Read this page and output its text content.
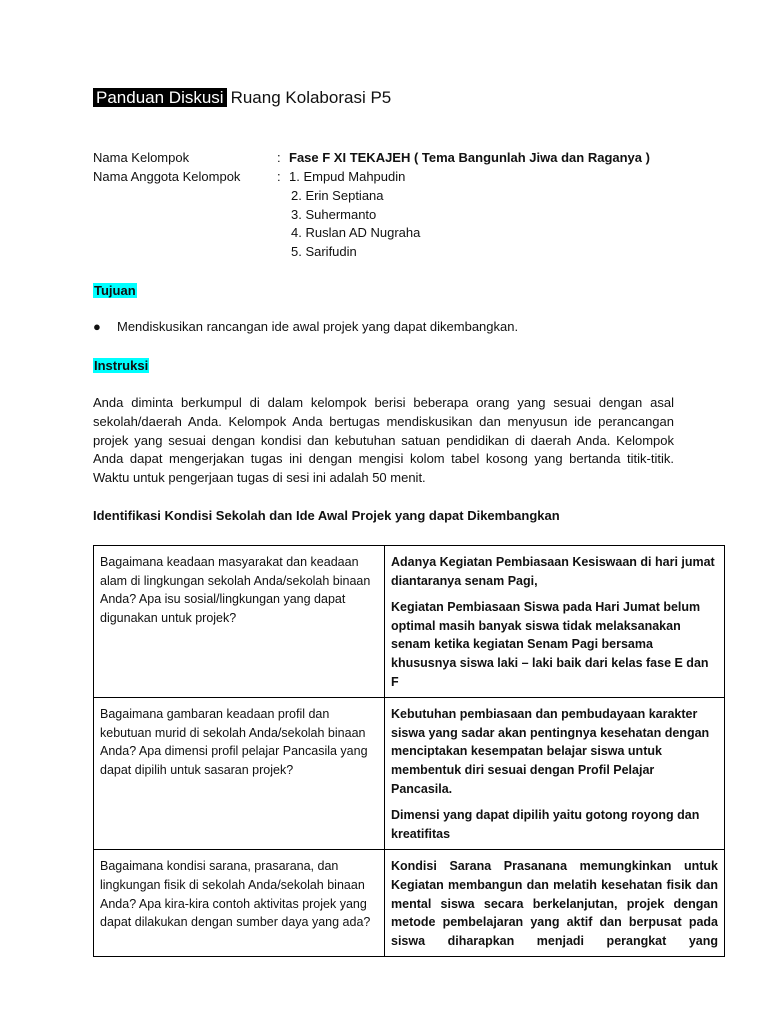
Panduan Diskusi Ruang Kolaborasi P5
Nama Kelompok	: Fase F XI TEKAJEH ( Tema Bangunlah Jiwa dan Raganya )
Nama Anggota Kelompok	: 1. Empud Mahpudin
2. Erin Septiana
3. Suhermanto
4. Ruslan AD Nugraha
5. Sarifudin
Tujuan
● Mendiskusikan rancangan ide awal projek yang dapat dikembangkan.
Instruksi
Anda diminta berkumpul di dalam kelompok berisi beberapa orang yang sesuai dengan asal sekolah/daerah Anda. Kelompok Anda bertugas mendiskusikan dan menyusun ide perancangan projek yang sesuai dengan kondisi dan kebutuhan satuan pendidikan di daerah Anda. Kelompok Anda dapat mengerjakan tugas ini dengan mengisi kolom tabel kosong yang bertanda titik-titik. Waktu untuk pengerjaan tugas di sesi ini adalah 50 menit.
Identifikasi Kondisi Sekolah dan Ide Awal Projek yang dapat Dikembangkan
Bagaimana keadaan masyarakat dan keadaan alam di lingkungan sekolah Anda/sekolah binaan Anda? Apa isu sosial/lingkungan yang dapat digunakan untuk projek?	Adanya Kegiatan Pembiasaan Kesiswaan di hari jumat diantaranya senam Pagi,

Kegiatan Pembiasaan Siswa pada Hari Jumat belum optimal masih banyak siswa tidak melaksanakan senam ketika kegiatan Senam Pagi bersama khususnya siswa laki – laki baik dari kelas fase E dan F

Bagaimana gambaran keadaan profil dan kebutuan murid di sekolah Anda/sekolah binaan Anda? Apa dimensi profil pelajar Pancasila yang dapat dipilih untuk sasaran projek?	Kebutuhan pembiasaan dan pembudayaan karakter siswa yang sadar akan pentingnya kesehatan dengan menciptakan kesempatan belajar siswa untuk membentuk diri sesuai dengan Profil Pelajar Pancasila.

Dimensi yang dapat dipilih yaitu gotong royong dan kreatifitas

Bagaimana kondisi sarana, prasarana, dan lingkungan fisik di sekolah Anda/sekolah binaan Anda? Apa kira-kira contoh aktivitas projek yang dapat dilakukan dengan sumber daya yang ada?	Kondisi Sarana Prasanana memungkinkan untuk Kegiatan membangun dan melatih kesehatan fisik dan mental siswa secara berkelanjutan, projek dengan metode pembelajaran yang aktif dan berpusat pada siswa diharapkan menjadi perangkat yang
